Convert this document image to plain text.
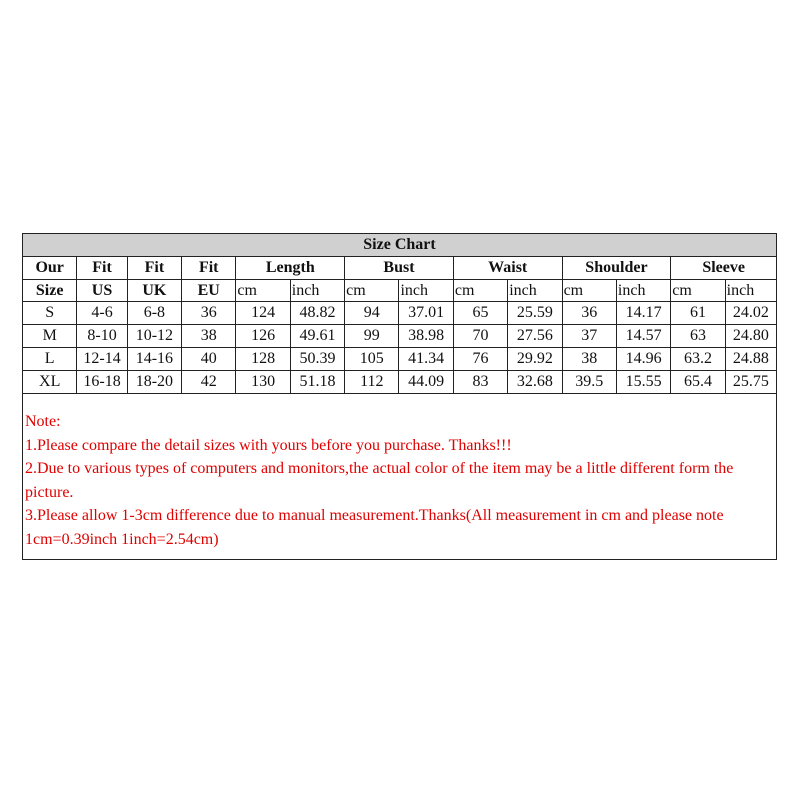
Size Chart													
Our	Fit	Fit	Fit	Length		Bust		Waist		Shoulder		Sleeve	
Size	US	UK	EU	cm	inch	cm	inch	cm	inch	cm	inch	cm	inch
S	4-6	6-8	36	124	48.82	94	37.01	65	25.59	36	14.17	61	24.02
M	8-10	10-12	38	126	49.61	99	38.98	70	27.56	37	14.57	63	24.80
L	12-14	14-16	40	128	50.39	105	41.34	76	29.92	38	14.96	63.2	24.88
XL	16-18	18-20	42	130	51.18	112	44.09	83	32.68	39.5	15.55	65.4	25.75
Note:
1.Please compare the detail sizes with yours before you purchase. Thanks!!!
2.Due to various types of computers and monitors,the actual color of the item may be a little different form the picture.
3.Please allow 1-3cm difference due to manual measurement.Thanks(All measurement in cm and please note 1cm=0.39inch 1inch=2.54cm)
